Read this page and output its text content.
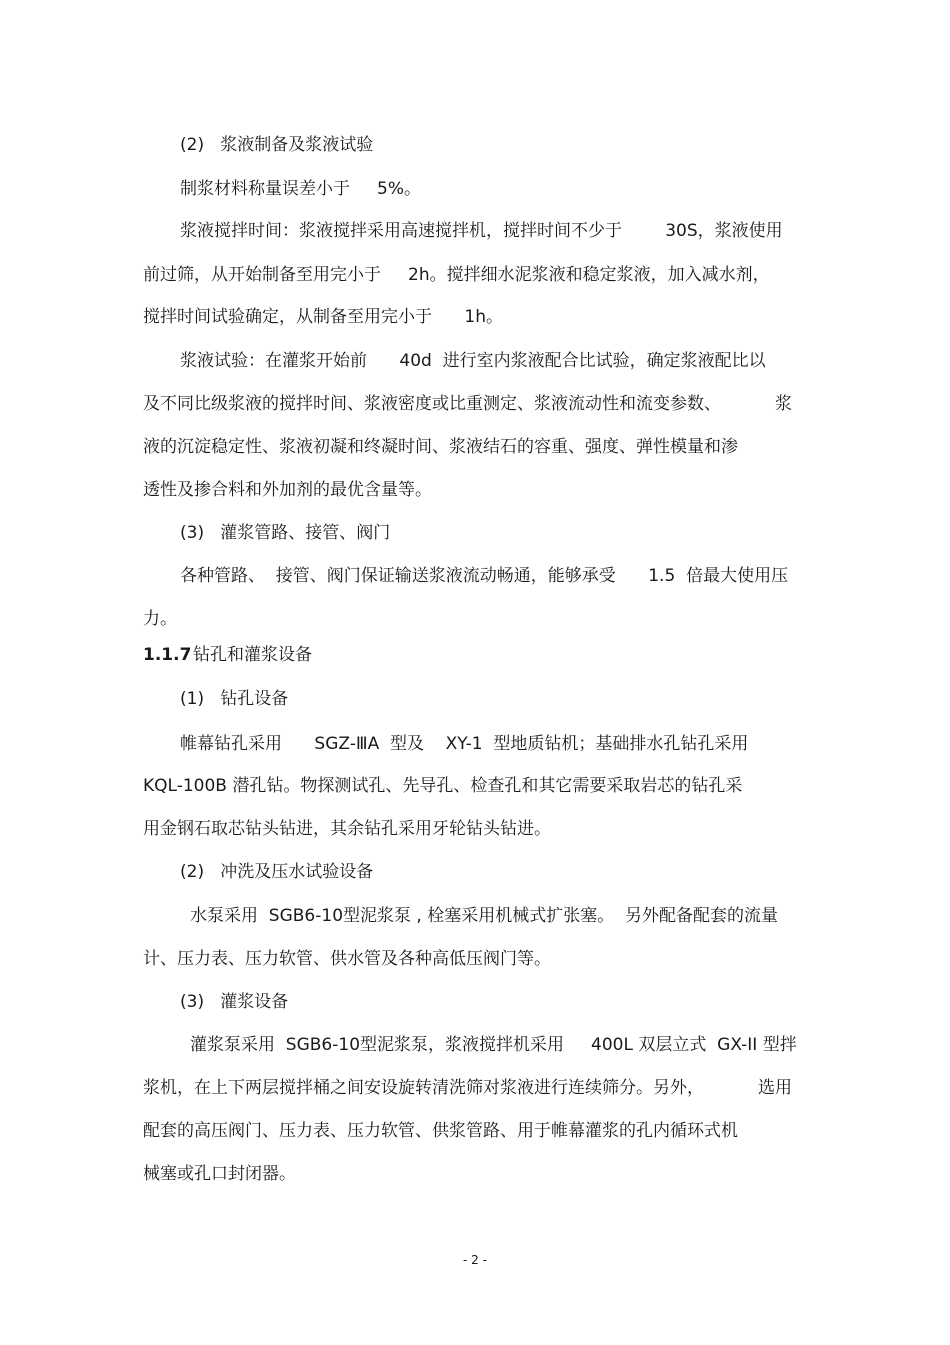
(2)   浆液制备及浆液试验
制浆材料称量误差小于     5%。
浆液搅拌时间：浆液搅拌采用高速搅拌机，搅拌时间不少于        30S，浆液使用
前过筛，从开始制备至用完小于     2h。搅拌细水泥浆液和稳定浆液，加入减水剂，
搅拌时间试验确定，从制备至用完小于      1h。
浆液试验：在灌浆开始前      40d  进行室内浆液配合比试验，确定浆液配比以
及不同比级浆液的搅拌时间、浆液密度或比重测定、浆液流动性和流变参数、          浆
液的沉淀稳定性、浆液初凝和终凝时间、浆液结石的容重、强度、弹性模量和渗
透性及掺合料和外加剂的最优含量等。
(3)   灌浆管路、接管、阀门
各种管路、  接管、阀门保证输送浆液流动畅通，能够承受      1.5  倍最大使用压
力。
1.1.7 钻孔和灌浆设备
(1)   钻孔设备
帷幕钻孔采用      SGZ-ⅢA  型及    XY-1  型地质钻机；基础排水孔钻孔采用
KQL-100B 潜孔钻。物探测试孔、先导孔、检查孔和其它需要采取岩芯的钻孔采
用金钢石取芯钻头钻进，其余钻孔采用牙轮钻头钻进。
(2)   冲洗及压水试验设备
水泵采用  SGB6-10型泥浆泵 , 栓塞采用机械式扩张塞。  另外配备配套的流量
计、压力表、压力软管、供水管及各种高低压阀门等。
(3)   灌浆设备
灌浆泵采用  SGB6-10型泥浆泵，浆液搅拌机采用     400L 双层立式  GX-II 型拌
浆机，在上下两层搅拌桶之间安设旋转清洗筛对浆液进行连续筛分。另外，          选用
配套的高压阀门、压力表、压力软管、供浆管路、用于帷幕灌浆的孔内循环式机
械塞或孔口封闭器。
- 2 -
